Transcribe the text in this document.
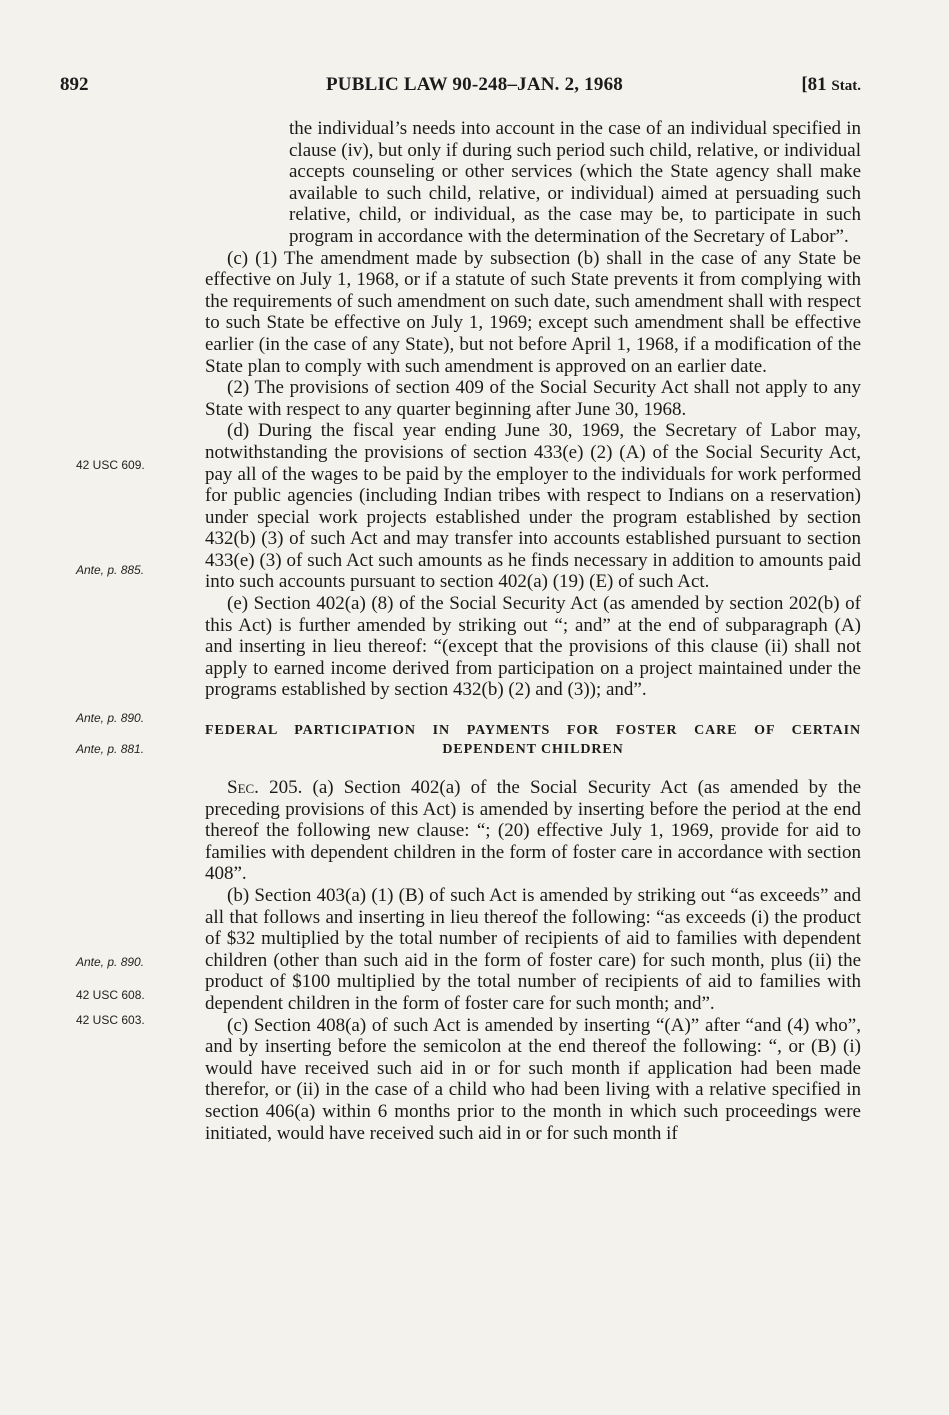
892	PUBLIC LAW 90-248–JAN. 2, 1968	[81 Stat.
42 USC 609.
Ante, p. 885.
Ante, p. 890.
Ante, p. 881.
Ante, p. 890.
42 USC 608.
42 USC 603.

the individual’s needs into account in the case of an individual specified in clause (iv), but only if during such period such child, relative, or individual accepts counseling or other services (which the State agency shall make available to such child, relative, or individual) aimed at persuading such relative, child, or individual, as the case may be, to participate in such program in accordance with the determination of the Secretary of Labor”.

(c) (1) The amendment made by subsection (b) shall in the case of any State be effective on July 1, 1968, or if a statute of such State prevents it from complying with the requirements of such amendment on such date, such amendment shall with respect to such State be effective on July 1, 1969; except such amendment shall be effective earlier (in the case of any State), but not before April 1, 1968, if a modification of the State plan to comply with such amendment is approved on an earlier date.

(2) The provisions of section 409 of the Social Security Act shall not apply to any State with respect to any quarter beginning after June 30, 1968.

(d) During the fiscal year ending June 30, 1969, the Secretary of Labor may, notwithstanding the provisions of section 433(e) (2) (A) of the Social Security Act, pay all of the wages to be paid by the employer to the individuals for work performed for public agencies (including Indian tribes with respect to Indians on a reservation) under special work projects established under the program established by section 432(b) (3) of such Act and may transfer into accounts established pursuant to section 433(e) (3) of such Act such amounts as he finds necessary in addition to amounts paid into such accounts pursuant to section 402(a) (19) (E) of such Act.

(e) Section 402(a) (8) of the Social Security Act (as amended by section 202(b) of this Act) is further amended by striking out “; and” at the end of subparagraph (A) and inserting in lieu thereof: “(except that the provisions of this clause (ii) shall not apply to earned income derived from participation on a project maintained under the programs established by section 432(b) (2) and (3)); and”.

FEDERAL PARTICIPATION IN PAYMENTS FOR FOSTER CARE OF CERTAIN
DEPENDENT CHILDREN

Sec. 205. (a) Section 402(a) of the Social Security Act (as amended by the preceding provisions of this Act) is amended by inserting before the period at the end thereof the following new clause: “; (20) effective July 1, 1969, provide for aid to families with dependent children in the form of foster care in accordance with section 408”.

(b) Section 403(a) (1) (B) of such Act is amended by striking out “as exceeds” and all that follows and inserting in lieu thereof the following: “as exceeds (i) the product of $32 multiplied by the total number of recipients of aid to families with dependent children (other than such aid in the form of foster care) for such month, plus (ii) the product of $100 multiplied by the total number of recipients of aid to families with dependent children in the form of foster care for such month; and”.

(c) Section 408(a) of such Act is amended by inserting “(A)” after “and (4) who”, and by inserting before the semicolon at the end thereof the following: “, or (B) (i) would have received such aid in or for such month if application had been made therefor, or (ii) in the case of a child who had been living with a relative specified in section 406(a) within 6 months prior to the month in which such proceedings were initiated, would have received such aid in or for such month if
